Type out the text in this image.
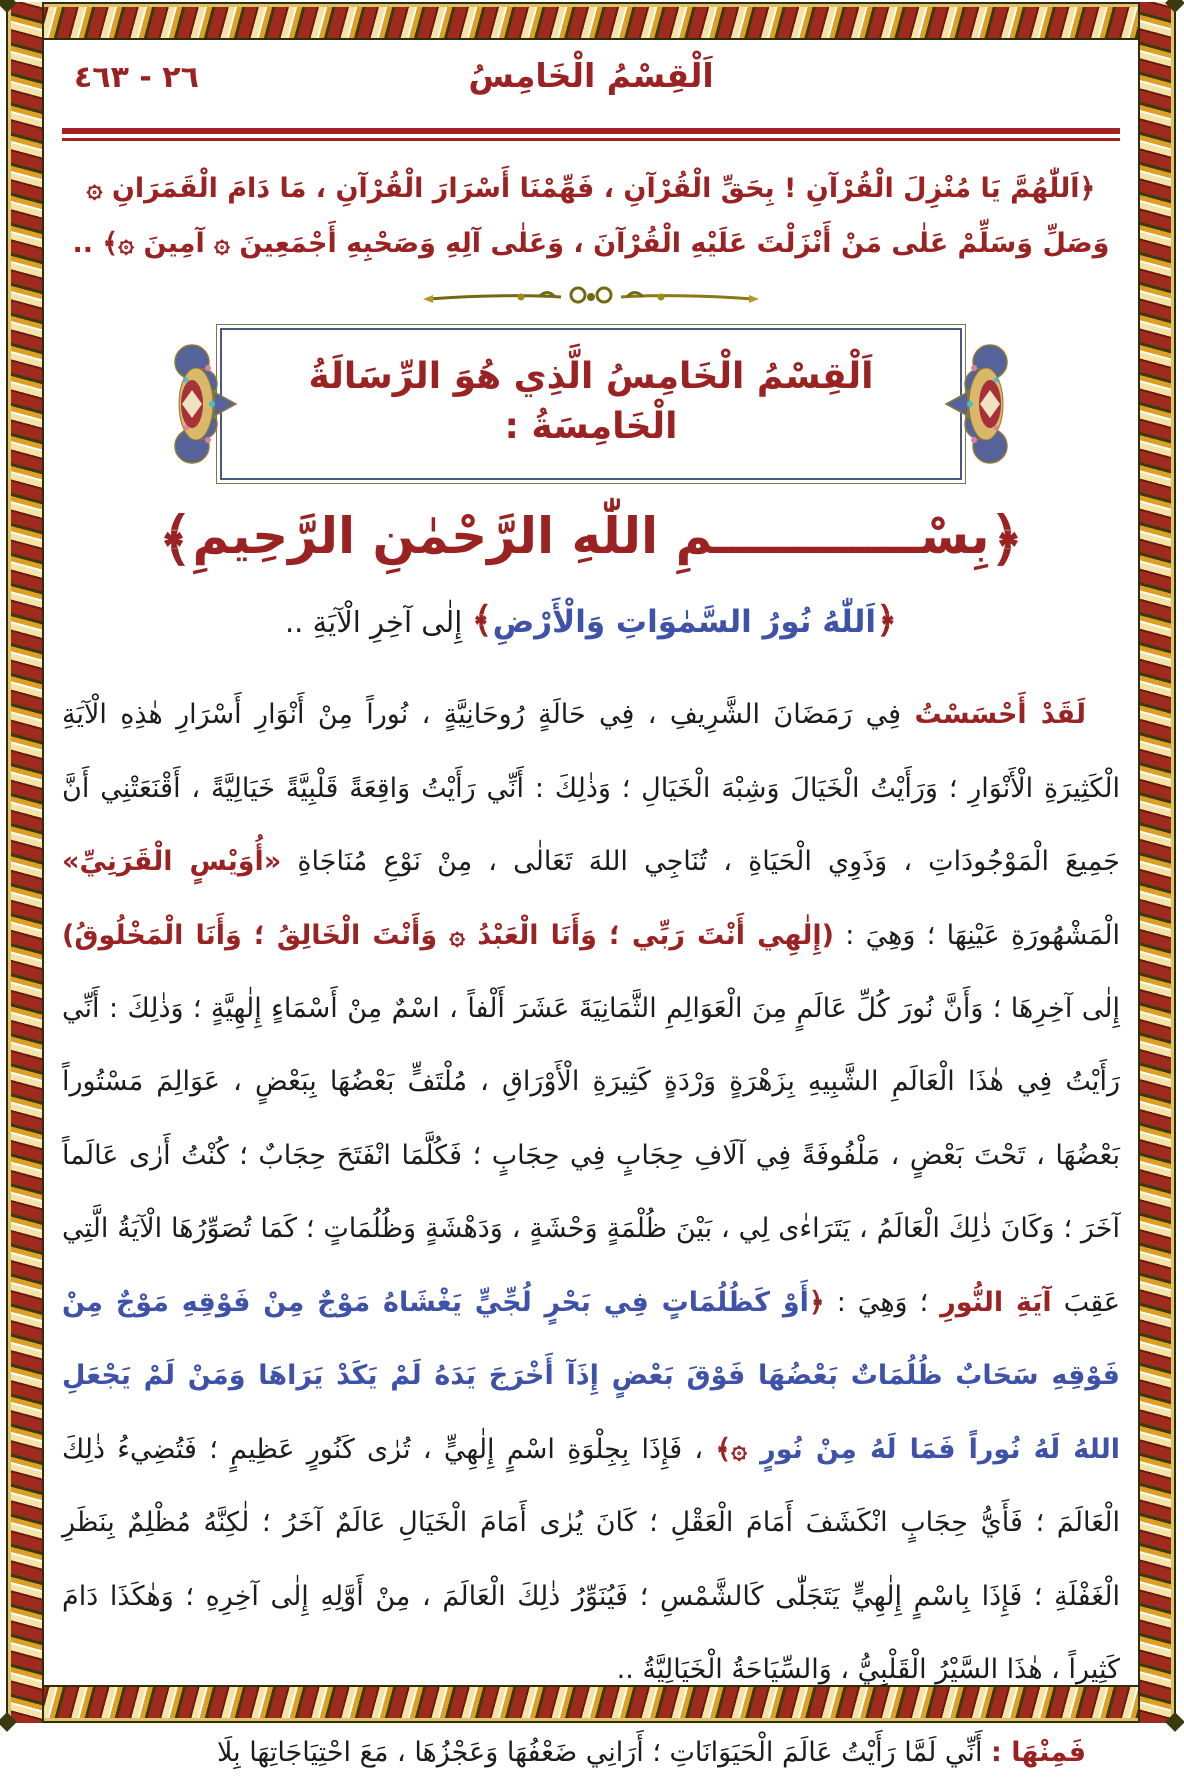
٢٦ - ٤٦٣	اَلْقِسْمُ الْخَامِسُ
﴿اَللّٰهُمَّ يَا مُنْزِلَ الْقُرْآنِ ! بِحَقِّ الْقُرْآنِ ، فَهِّمْنَا أَسْرَارَ الْقُرْآنِ ، مَا دَامَ الْقَمَرَانِ ۞ وَصَلِّ وَسَلِّمْ عَلٰى مَنْ أَنْزَلْتَ عَلَيْهِ الْقُرْآنَ ، وَعَلٰى آلِهِ وَصَحْبِهِ أَجْمَعِينَ ۞ آمِينَ ۞﴾ ..
اَلْقِسْمُ الْخَامِسُ الَّذِي هُوَ الرِّسَالَةُ الْخَامِسَةُ :
﴿بِسْــــــــــــمِ اللّٰهِ الرَّحْمٰنِ الرَّحِيمِ﴾
﴿اَللّٰهُ نُورُ السَّمٰوَاتِ وَالْأَرْضِ﴾ إِلٰى آخِرِ الْآيَةِ ..

لَقَدْ أَحْسَسْتُ فِي رَمَضَانَ الشَّرِيفِ ، فِي حَالَةٍ رُوحَانِيَّةٍ ، نُوراً مِنْ أَنْوَارِ أَسْرَارِ هٰذِهِ الْآيَةِ الْكَثِيرَةِ الْأَنْوَارِ ؛ وَرَأَيْتُ الْخَيَالَ وَشِبْهَ الْخَيَالِ ؛ وَذٰلِكَ : أَنِّي رَأَيْتُ وَاقِعَةً قَلْبِيَّةً خَيَالِيَّةً ، أَقْنَعَتْنِي أَنَّ جَمِيعَ الْمَوْجُودَاتِ ، وَذَوِي الْحَيَاةِ ، تُنَاجِي اللهَ تَعَالٰى ، مِنْ نَوْعِ مُنَاجَاةِ «أُوَيْسٍ الْقَرَنِيِّ» الْمَشْهُورَةِ عَيْنِهَا ؛ وَهِيَ : (إِلٰهِي أَنْتَ رَبِّي ؛ وَأَنَا الْعَبْدُ ۞ وَأَنْتَ الْخَالِقُ ؛ وَأَنَا الْمَخْلُوقُ) إِلٰى آخِرِهَا ؛ وَأَنَّ نُورَ كُلِّ عَالَمٍ مِنَ الْعَوَالِمِ الثَّمَانِيَةَ عَشَرَ أَلْفاً ، اسْمٌ مِنْ أَسْمَاءٍ إِلٰهِيَّةٍ ؛ وَذٰلِكَ : أَنِّي رَأَيْتُ فِي هٰذَا الْعَالَمِ الشَّبِيهِ بِزَهْرَةٍ وَرْدَةٍ كَثِيرَةِ الْأَوْرَاقِ ، مُلْتَفٍّ بَعْضُهَا بِبَعْضٍ ، عَوَالِمَ مَسْتُوراً بَعْضُهَا ، تَحْتَ بَعْضٍ ، مَلْفُوفَةً فِي آلَافِ حِجَابٍ فِي حِجَابٍ ؛ فَكُلَّمَا انْفَتَحَ حِجَابٌ ؛ كُنْتُ أَرٰى عَالَماً آخَرَ ؛ وَكَانَ ذٰلِكَ الْعَالَمُ ، يَتَرَاءٰى لِي ، بَيْنَ ظُلْمَةٍ وَحْشَةٍ ، وَدَهْشَةٍ وَظُلُمَاتٍ ؛ كَمَا تُصَوِّرُهَا الْآيَةُ الَّتِي عَقِبَ آيَةِ النُّورِ ؛ وَهِيَ : ﴿أَوْ كَظُلُمَاتٍ فِي بَحْرٍ لُجِّيٍّ يَغْشَاهُ مَوْجٌ مِنْ فَوْقِهِ مَوْجٌ مِنْ فَوْقِهِ سَحَابٌ ظُلُمَاتٌ بَعْضُهَا فَوْقَ بَعْضٍ إِذَآ أَخْرَجَ يَدَهُ لَمْ يَكَدْ يَرَاهَا وَمَنْ لَمْ يَجْعَلِ اللهُ لَهُ نُوراً فَمَا لَهُ مِنْ نُورٍ ۞﴾ ، فَإِذَا بِجِلْوَةِ اسْمٍ إِلٰهِيٍّ ، تُرٰى كَنُورٍ عَظِيمٍ ؛ فَتُضِيءُ ذٰلِكَ الْعَالَمَ ؛ فَأَيُّ حِجَابٍ انْكَشَفَ أَمَامَ الْعَقْلِ ؛ كَانَ يُرٰى أَمَامَ الْخَيَالِ عَالَمٌ آخَرُ ؛ لٰكِنَّهُ مُظْلِمٌ بِنَظَرِ الْغَفْلَةِ ؛ فَإِذَا بِاسْمٍ إِلٰهِيٍّ يَتَجَلّٰى كَالشَّمْسِ ؛ فَيُنَوِّرُ ذٰلِكَ الْعَالَمَ ، مِنْ أَوَّلِهِ إِلٰى آخِرِهِ ؛ وَهٰكَذَا دَامَ كَثِيراً ، هٰذَا السَّيْرُ الْقَلْبِيُّ ، وَالسِّيَاحَةُ الْخَيَالِيَّةُ ..

فَمِنْهَا : أَنِّي لَمَّا رَأَيْتُ عَالَمَ الْحَيَوَانَاتِ ؛ أَرَانِي ضَعْفُهَا وَعَجْزُهَا ، مَعَ احْتِيَاجَاتِهَا بِلَا
